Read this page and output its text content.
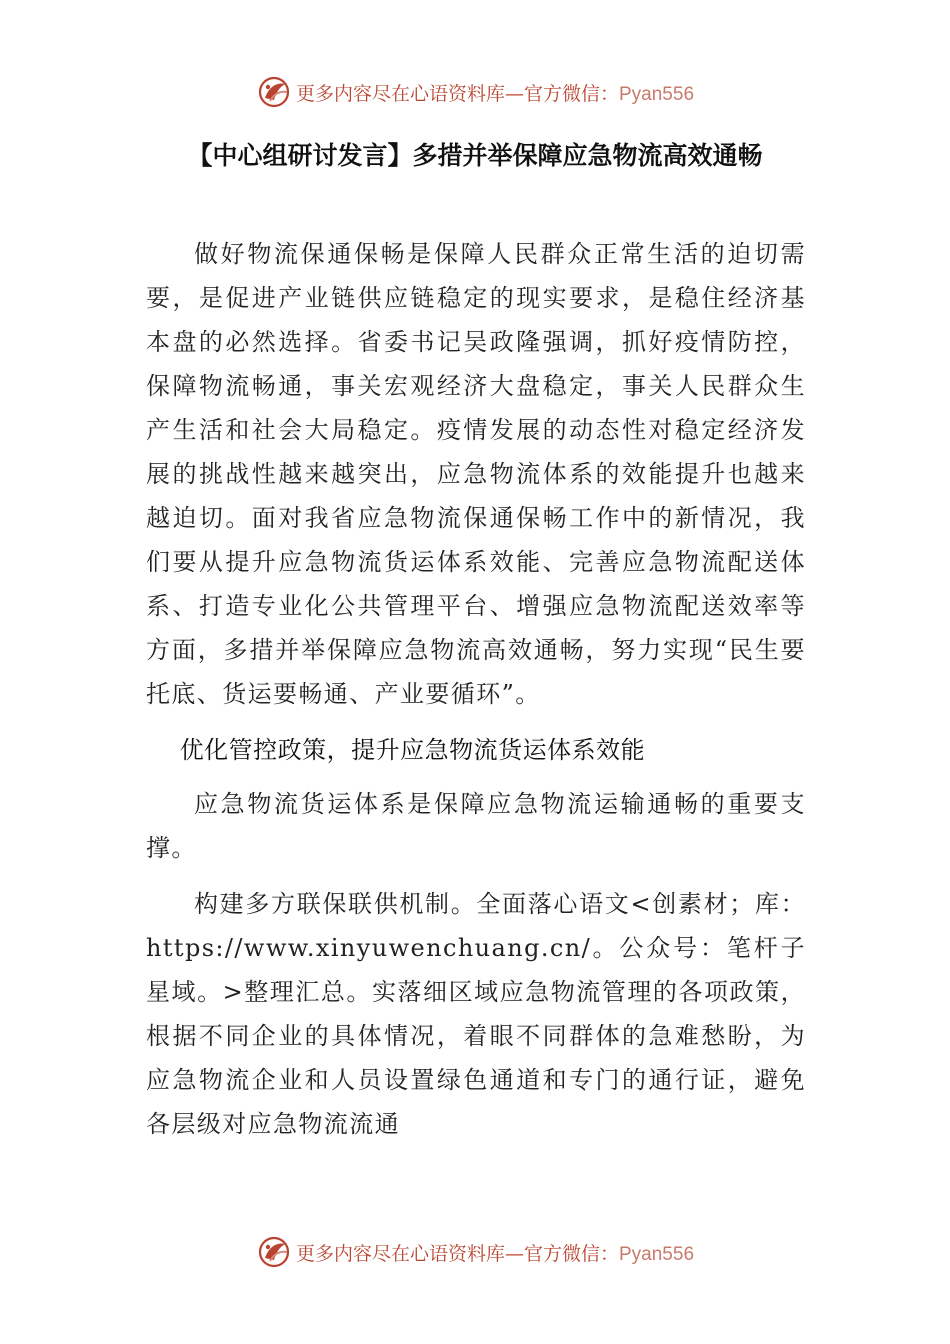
更多内容尽在心语资料库—官方微信：Pyan556
【中心组研讨发言】多措并举保障应急物流高效通畅

做好物流保通保畅是保障人民群众正常生活的迫切需要，是促进产业链供应链稳定的现实要求，是稳住经济基本盘的必然选择。省委书记吴政隆强调，抓好疫情防控，保障物流畅通，事关宏观经济大盘稳定，事关人民群众生产生活和社会大局稳定。疫情发展的动态性对稳定经济发展的挑战性越来越突出，应急物流体系的效能提升也越来越迫切。面对我省应急物流保通保畅工作中的新情况，我们要从提升应急物流货运体系效能、完善应急物流配送体系、打造专业化公共管理平台、增强应急物流配送效率等方面，多措并举保障应急物流高效通畅，努力实现“民生要托底、货运要畅通、产业要循环”。

优化管控政策，提升应急物流货运体系效能

应急物流货运体系是保障应急物流运输通畅的重要支撑。

构建多方联保联供机制。全面落心语文<创素材；库：https://www.xinyuwenchuang.cn/。公众号：笔杆子星域。>整理汇总。实落细区域应急物流管理的各项政策，根据不同企业的具体情况，着眼不同群体的急难愁盼，为应急物流企业和人员设置绿色通道和专门的通行证，避免各层级对应急物流流通

更多内容尽在心语资料库—官方微信：Pyan556
